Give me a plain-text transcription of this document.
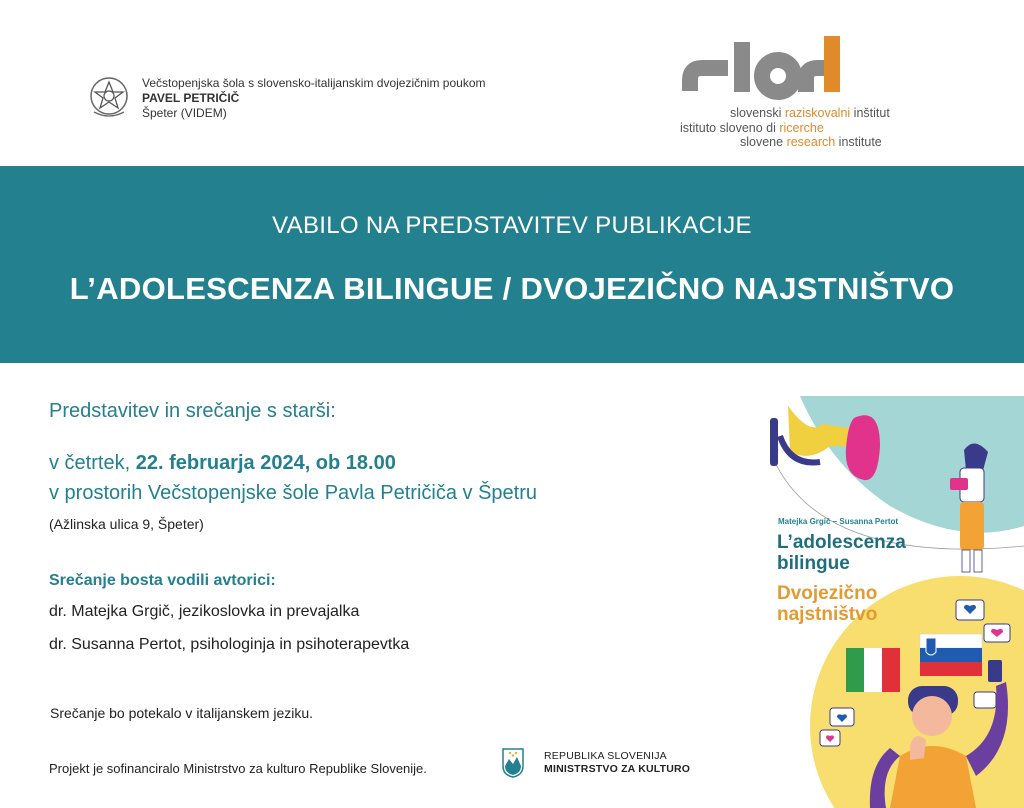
Večstopenjska šola s slovensko-italijanskim dvojezičnim poukom
PAVEL PETRIČIČ
Špeter (VIDEM)
slori
slovenski raziskovalni inštitut
istituto sloveno di ricerche
slovene research institute
VABILO NA PREDSTAVITEV PUBLIKACIJE
L’ADOLESCENZA BILINGUE / DVOJEZIČNO NAJSTNIŠTVO
Predstavitev in srečanje s starši:
v četrtek, 22. februarja 2024, ob 18.00
v prostorih Večstopenjske šole Pavla Petričiča v Špetru
(Ažlinska ulica 9, Špeter)
Srečanje bosta vodili avtorici:
dr. Matejka Grgič, jezikoslovka in prevajalka
dr. Susanna Pertot, psihologinja in psihoterapevtka
Srečanje bo potekalo v italijanskem jeziku.
Projekt je sofinanciralo Ministrstvo za kulturo Republike Slovenije.
REPUBLIKA SLOVENIJA
MINISTRSTVO ZA KULTURO
Matejka Grgič – Susanna Pertot
L’adolescenza
bilingue
Dvojezično
najstništvo
